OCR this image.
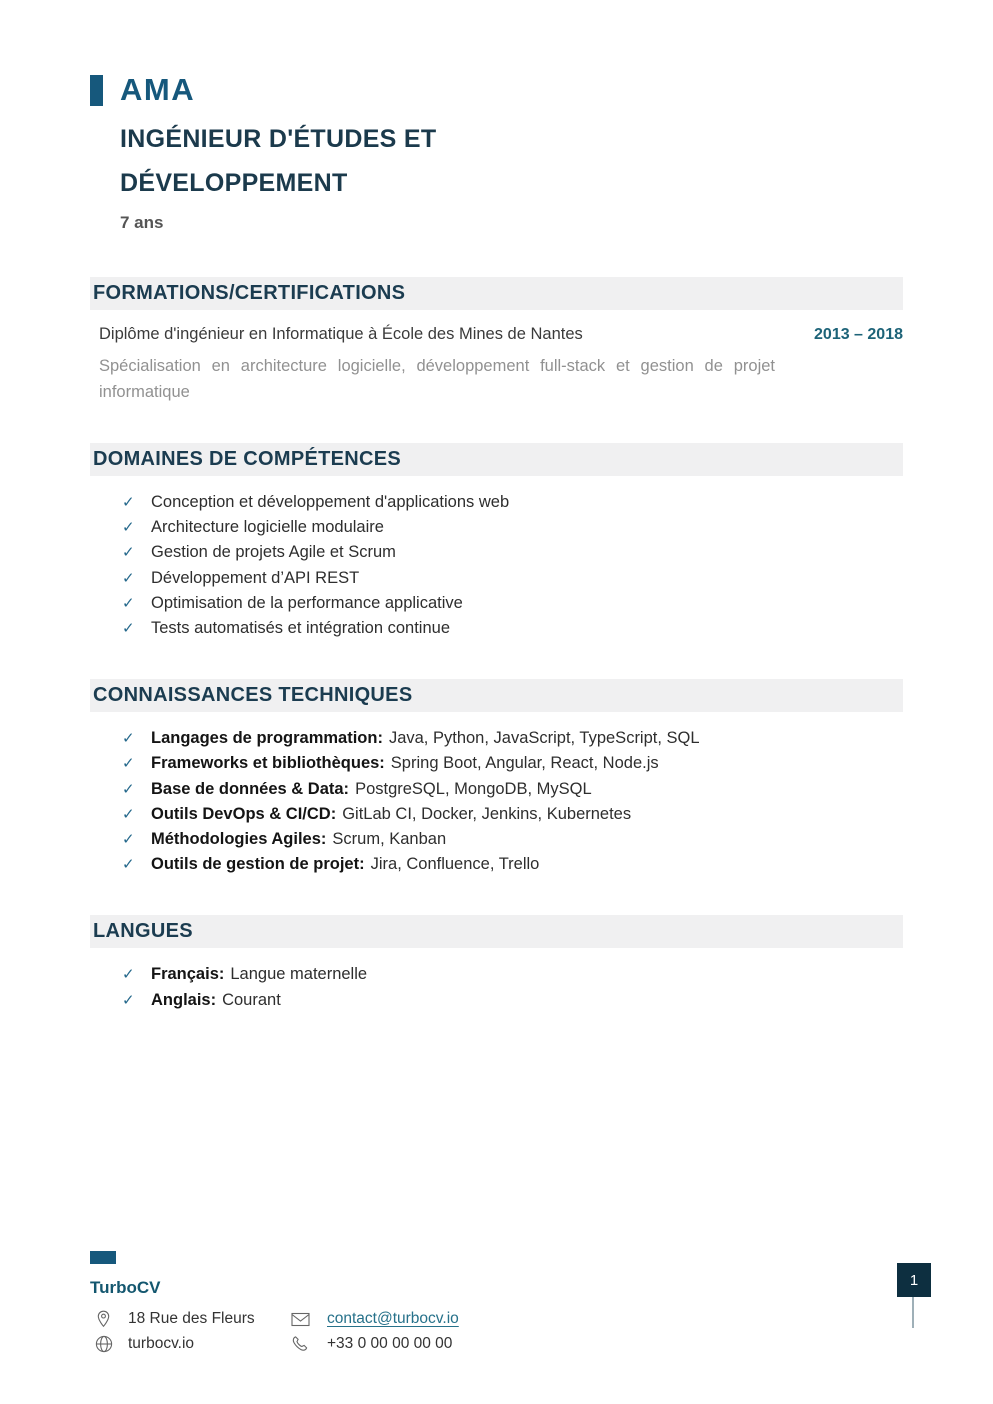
AMA
INGÉNIEUR D'ÉTUDES ET DÉVELOPPEMENT
7 ans
FORMATIONS/CERTIFICATIONS
Diplôme d'ingénieur en Informatique à École des Mines de Nantes	2013 – 2018
Spécialisation en architecture logicielle, développement full-stack et gestion de projet informatique
DOMAINES DE COMPÉTENCES
✓ Conception et développement d'applications web
✓ Architecture logicielle modulaire
✓ Gestion de projets Agile et Scrum
✓ Développement d’API REST
✓ Optimisation de la performance applicative
✓ Tests automatisés et intégration continue
CONNAISSANCES TECHNIQUES
✓ Langages de programmation: Java, Python, JavaScript, TypeScript, SQL
✓ Frameworks et bibliothèques: Spring Boot, Angular, React, Node.js
✓ Base de données & Data: PostgreSQL, MongoDB, MySQL
✓ Outils DevOps & CI/CD: GitLab CI, Docker, Jenkins, Kubernetes
✓ Méthodologies Agiles: Scrum, Kanban
✓ Outils de gestion de projet: Jira, Confluence, Trello
LANGUES
✓ Français: Langue maternelle
✓ Anglais: Courant
TurboCV
18 Rue des Fleurs	contact@turbocv.io
turbocv.io	+33 0 00 00 00 00
1
